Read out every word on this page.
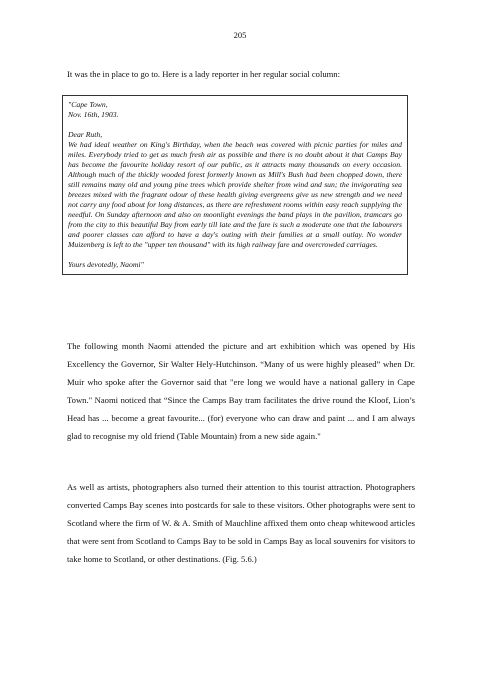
205

It was the in place to go to. Here is a lady reporter in her regular social column:

"Cape Town,

Nov. 16th, 1903.

Dear Ruth,

We had ideal weather on King's Birthday, when the beach was covered with picnic parties for miles and miles. Everybody tried to get as much fresh air as possible and there is no doubt about it that Camps Bay has become the favourite holiday resort of our public, as it attracts many thousands on every occasion. Although much of the thickly wooded forest formerly known as Mill's Bush had been chopped down, there still remains many old and young pine trees which provide shelter from wind and sun; the invigorating sea breezes mixed with the fragrant odour of these health giving evergreens give us new strength and we need not carry any food about for long distances, as there are refreshment rooms within easy reach supplying the needful. On Sunday afternoon and also on moonlight evenings the band plays in the pavilion, tramcars go from the city to this beautiful Bay from early till late and the fare is such a moderate one that the labourers and poorer classes can afford to have a day's outing with their families at a small outlay. No wonder Muizenberg is left to the "upper ten thousand" with its high railway fare and overcrowded carriages.

Yours devotedly, Naomi"

The following month Naomi attended the picture and art exhibition which was opened by His Excellency the Governor, Sir Walter Hely-Hutchinson. “Many of us were highly pleased” when Dr. Muir who spoke after the Governor said that "ere long we would have a national gallery in Cape Town." Naomi noticed that “Since the Camps Bay tram facilitates the drive round the Kloof, Lion’s Head has ... become a great favourite... (for) everyone who can draw and paint ... and I am always glad to recognise my old friend (Table Mountain) from a new side again."

As well as artists, photographers also turned their attention to this tourist attraction. Photographers converted Camps Bay scenes into postcards for sale to these visitors. Other photographs were sent to Scotland where the firm of W. & A. Smith of Mauchline affixed them onto cheap whitewood articles that were sent from Scotland to Camps Bay to be sold in Camps Bay as local souvenirs for visitors to take home to Scotland, or other destinations. (Fig. 5.6.)
